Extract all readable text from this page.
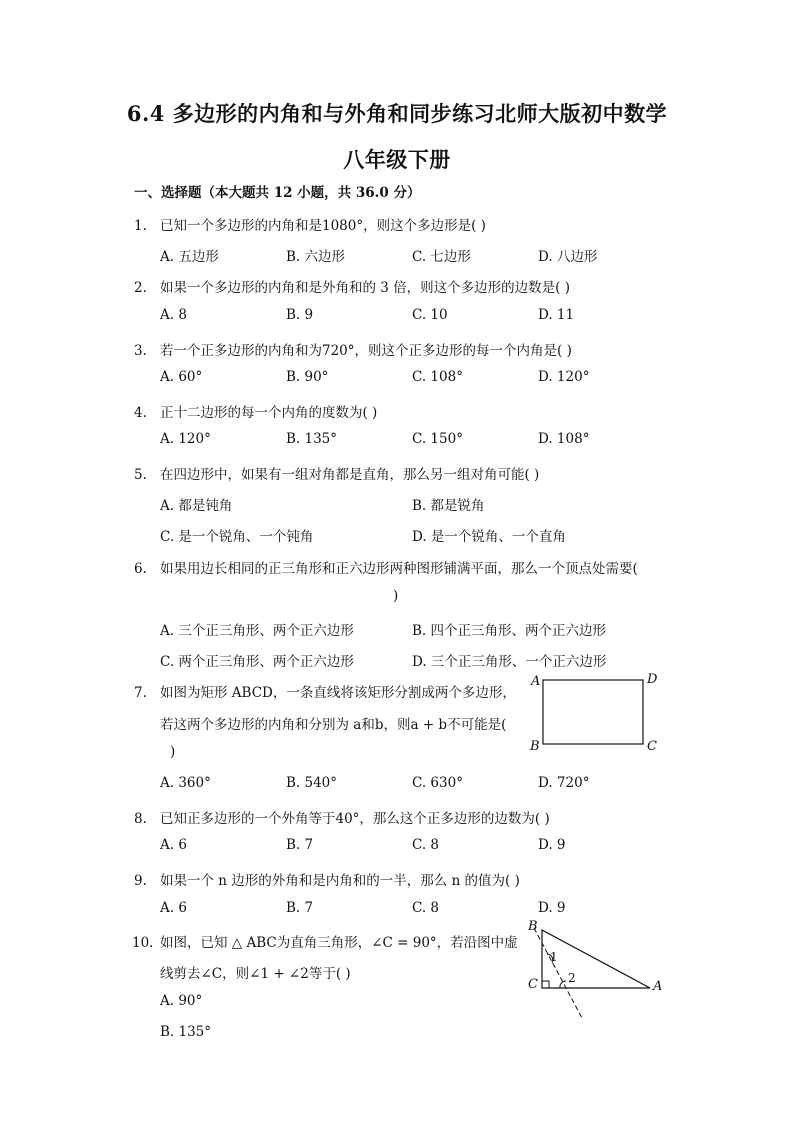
6.4 多边形的内角和与外角和同步练习北师大版初中数学
八年级下册
一、选择题（本大题共 12 小题，共 36.0 分）
1. 已知一个多边形的内角和是1080°，则这个多边形是( )
A. 五边形	B. 六边形	C. 七边形	D. 八边形
2. 如果一个多边形的内角和是外角和的 3 倍，则这个多边形的边数是( )
A. 8	B. 9	C. 10	D. 11
3. 若一个正多边形的内角和为720°，则这个正多边形的每一个内角是( )
A. 60°	B. 90°	C. 108°	D. 120°
4. 正十二边形的每一个内角的度数为( )
A. 120°	B. 135°	C. 150°	D. 108°
5. 在四边形中，如果有一组对角都是直角，那么另一组对角可能( )
A. 都是钝角	B. 都是锐角
C. 是一个锐角、一个钝角	D. 是一个锐角、一个直角
6. 如果用边长相同的正三角形和正六边形两种图形铺满平面，那么一个顶点处需要(
)
A. 三个正三角形、两个正六边形	B. 四个正三角形、两个正六边形
C. 两个正三角形、两个正六边形	D. 三个正三角形、一个正六边形
7. 如图为矩形 ABCD，一条直线将该矩形分割成两个多边形，
若这两个多边形的内角和分别为 a和b，则a + b不可能是(
)
A	D
B	C
A. 360°	B. 540°	C. 630°	D. 720°
8. 已知正多边形的一个外角等于40°，那么这个正多边形的边数为( )
A. 6	B. 7	C. 8	D. 9
9. 如果一个 n 边形的外角和是内角和的一半，那么 n 的值为( )
A. 6	B. 7	C. 8	D. 9
10. 如图，已知 △ ABC为直角三角形，∠C = 90°，若沿图中虚
线剪去∠C，则∠1 + ∠2等于( )
B
C	A
1
2
A. 90°
B. 135°
